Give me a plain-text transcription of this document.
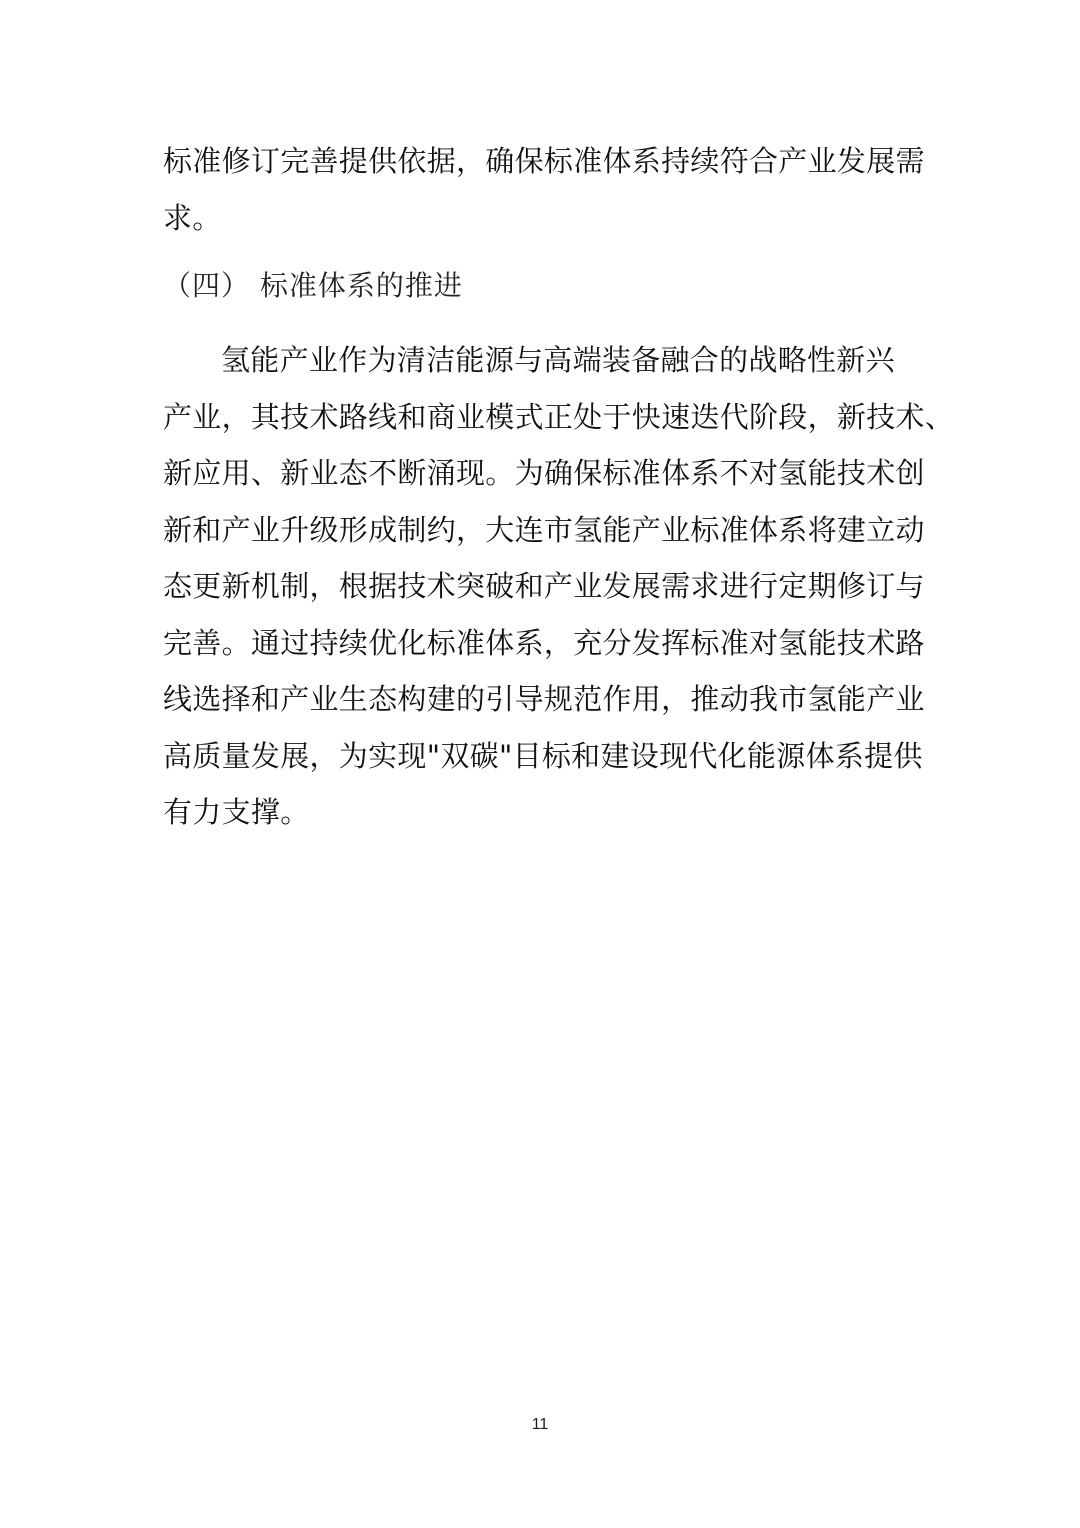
标准修订完善提供依据，确保标准体系持续符合产业发展需
求。
（四） 标准体系的推进
氢能产业作为清洁能源与高端装备融合的战略性新兴
产业，其技术路线和商业模式正处于快速迭代阶段，新技术、
新应用、新业态不断涌现。为确保标准体系不对氢能技术创
新和产业升级形成制约，大连市氢能产业标准体系将建立动
态更新机制，根据技术突破和产业发展需求进行定期修订与
完善。通过持续优化标准体系，充分发挥标准对氢能技术路
线选择和产业生态构建的引导规范作用，推动我市氢能产业
高质量发展，为实现"双碳"目标和建设现代化能源体系提供
有力支撑。
11
